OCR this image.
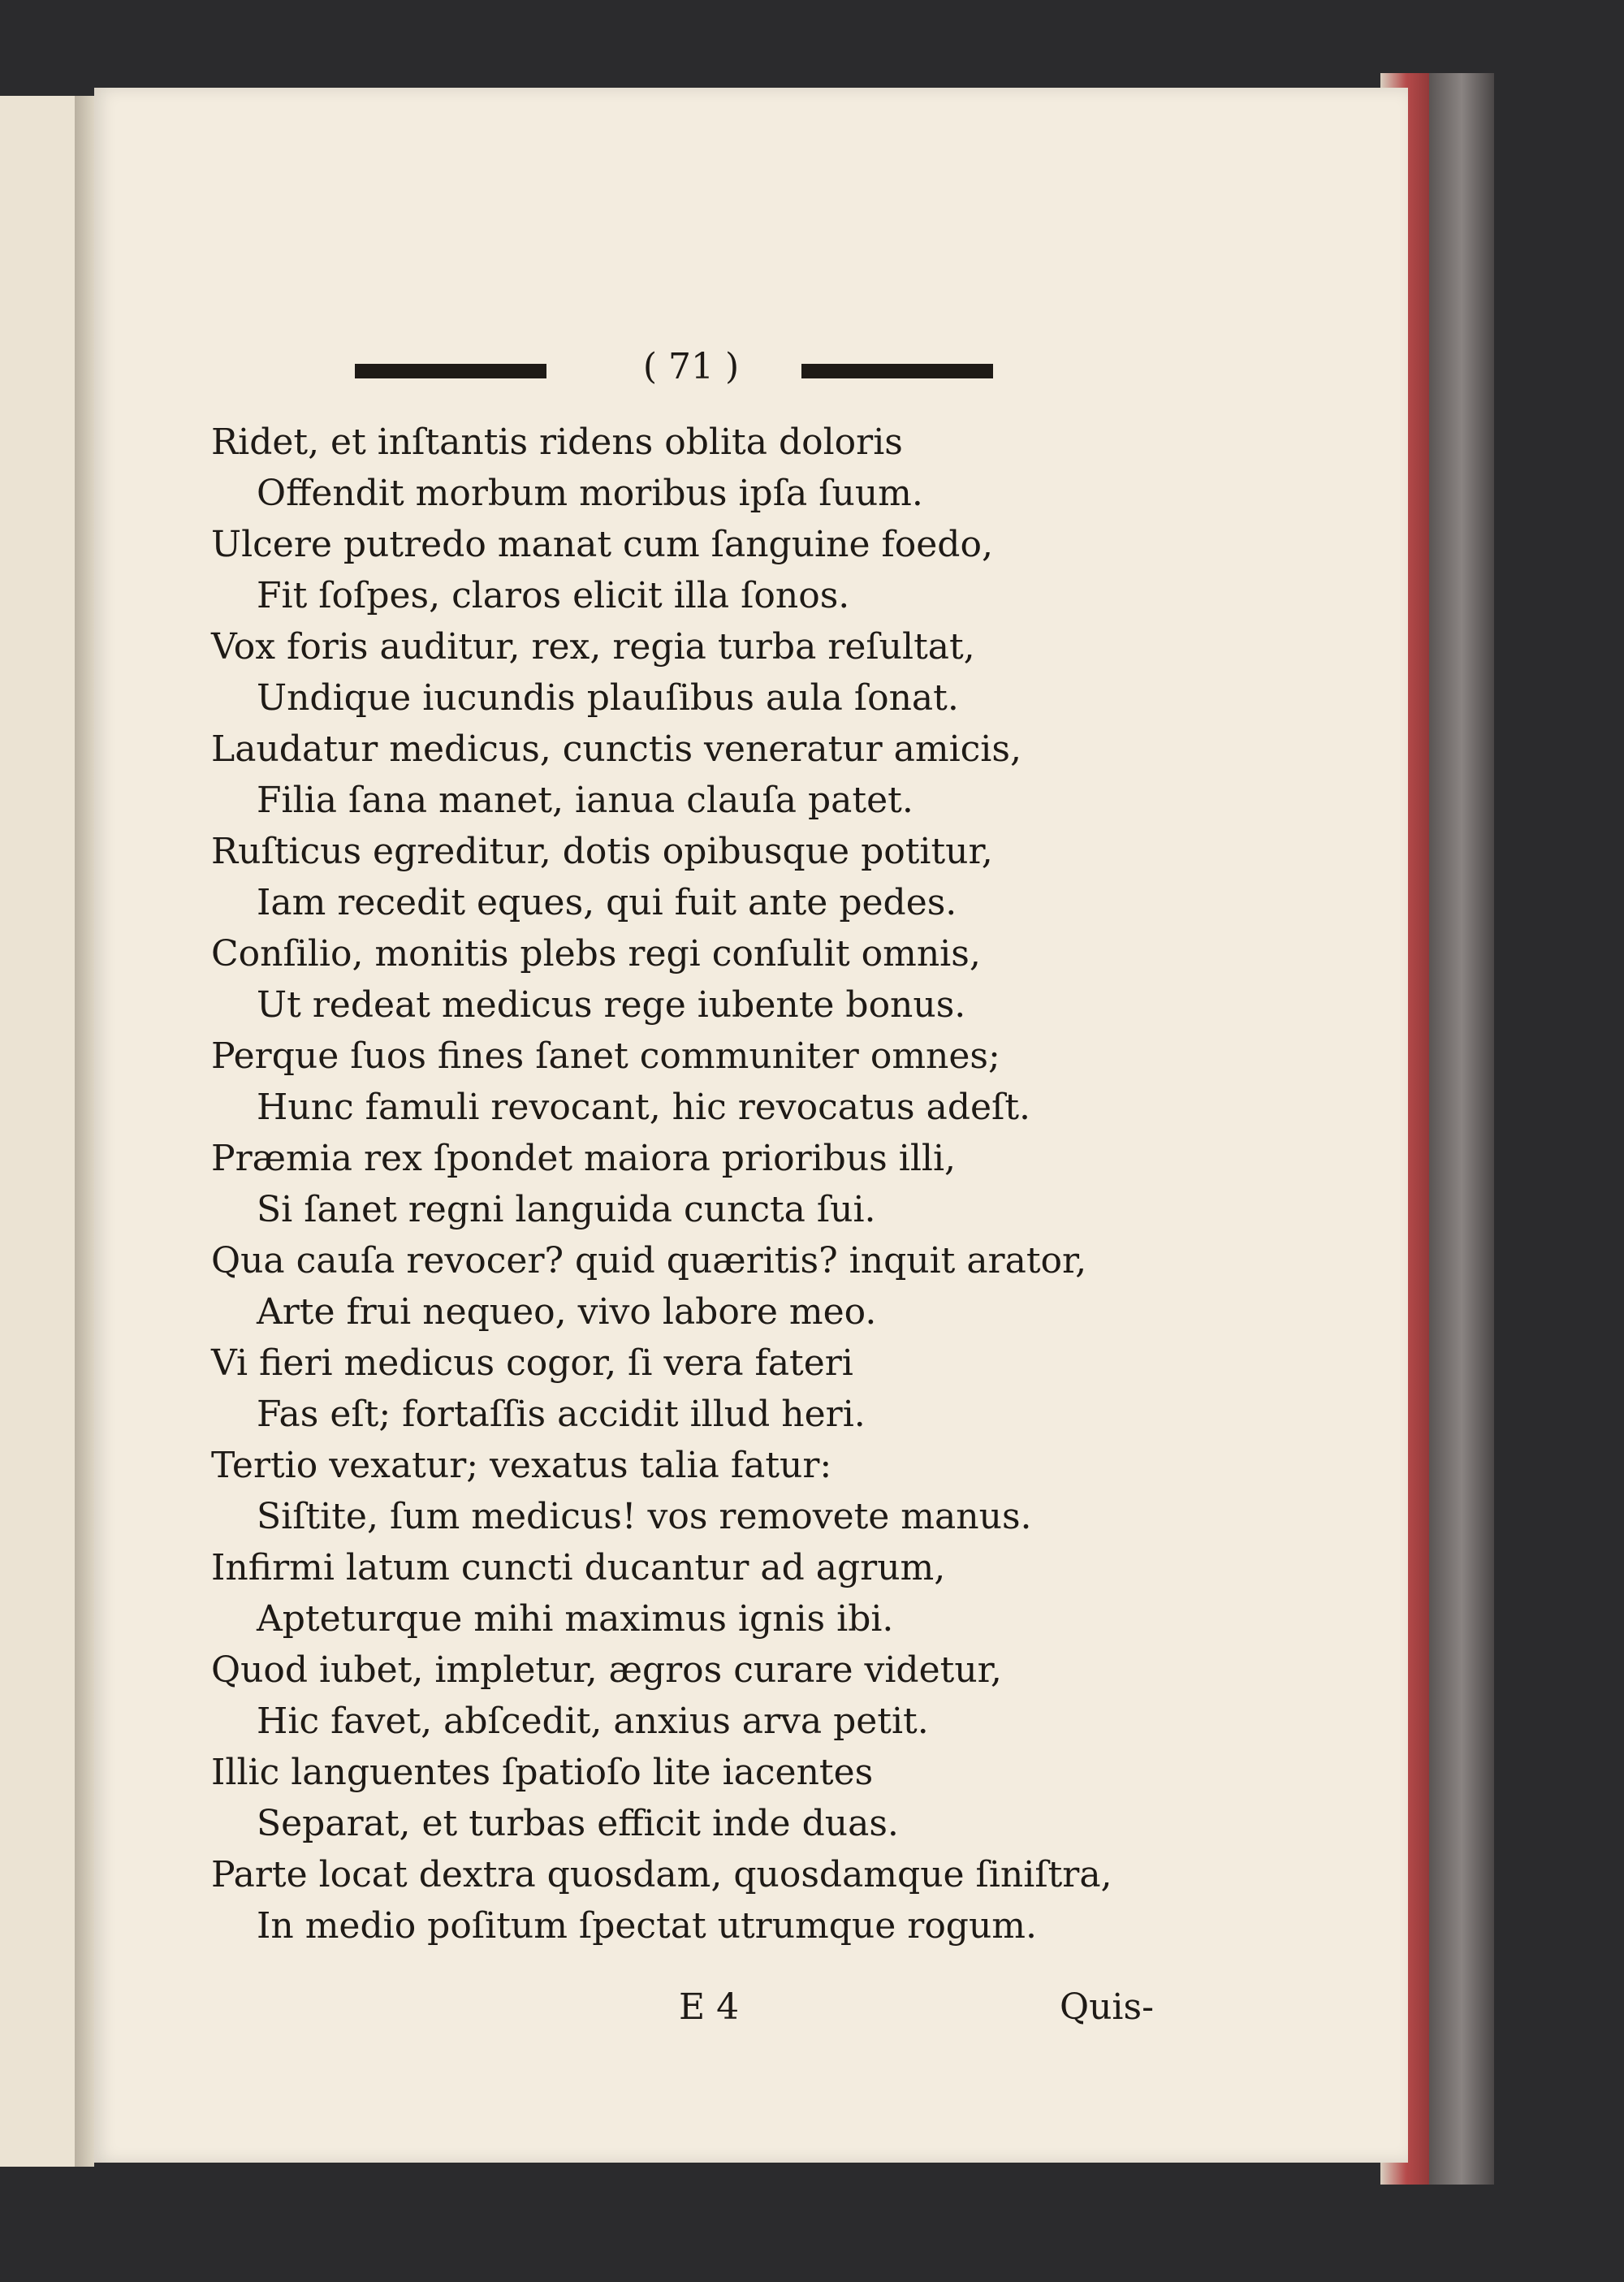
( 71 )
Ridet, et inſtantis ridens oblita doloris
Offendit morbum moribus ipſa ſuum.
Ulcere putredo manat cum ſanguine foedo,
Fit ſoſpes, claros elicit illa ſonos.
Vox foris auditur, rex, regia turba reſultat,
Undique iucundis plauſibus aula ſonat.
Laudatur medicus, cunctis veneratur amicis,
Filia ſana manet, ianua clauſa patet.
Ruſticus egreditur, dotis opibusque potitur,
Iam recedit eques, qui fuit ante pedes.
Conſilio, monitis plebs regi conſulit omnis,
Ut redeat medicus rege iubente bonus.
Perque ſuos fines ſanet communiter omnes;
Hunc famuli revocant, hic revocatus adeſt.
Præmia rex ſpondet maiora prioribus illi,
Si ſanet regni languida cuncta ſui.
Qua cauſa revocer? quid quæritis? inquit arator,
Arte frui nequeo, vivo labore meo.
Vi fieri medicus cogor, ſi vera fateri
Fas eſt; fortaſſis accidit illud heri.
Tertio vexatur; vexatus talia fatur:
Siſtite, ſum medicus! vos removete manus.
Infirmi latum cuncti ducantur ad agrum,
Apteturque mihi maximus ignis ibi.
Quod iubet, impletur, ægros curare videtur,
Hic favet, abſcedit, anxius arva petit.
Illic languentes ſpatioſo lite iacentes
Separat, et turbas efficit inde duas.
Parte locat dextra quosdam, quosdamque ſiniſtra,
In medio poſitum ſpectat utrumque rogum.
E 4	Quis-
